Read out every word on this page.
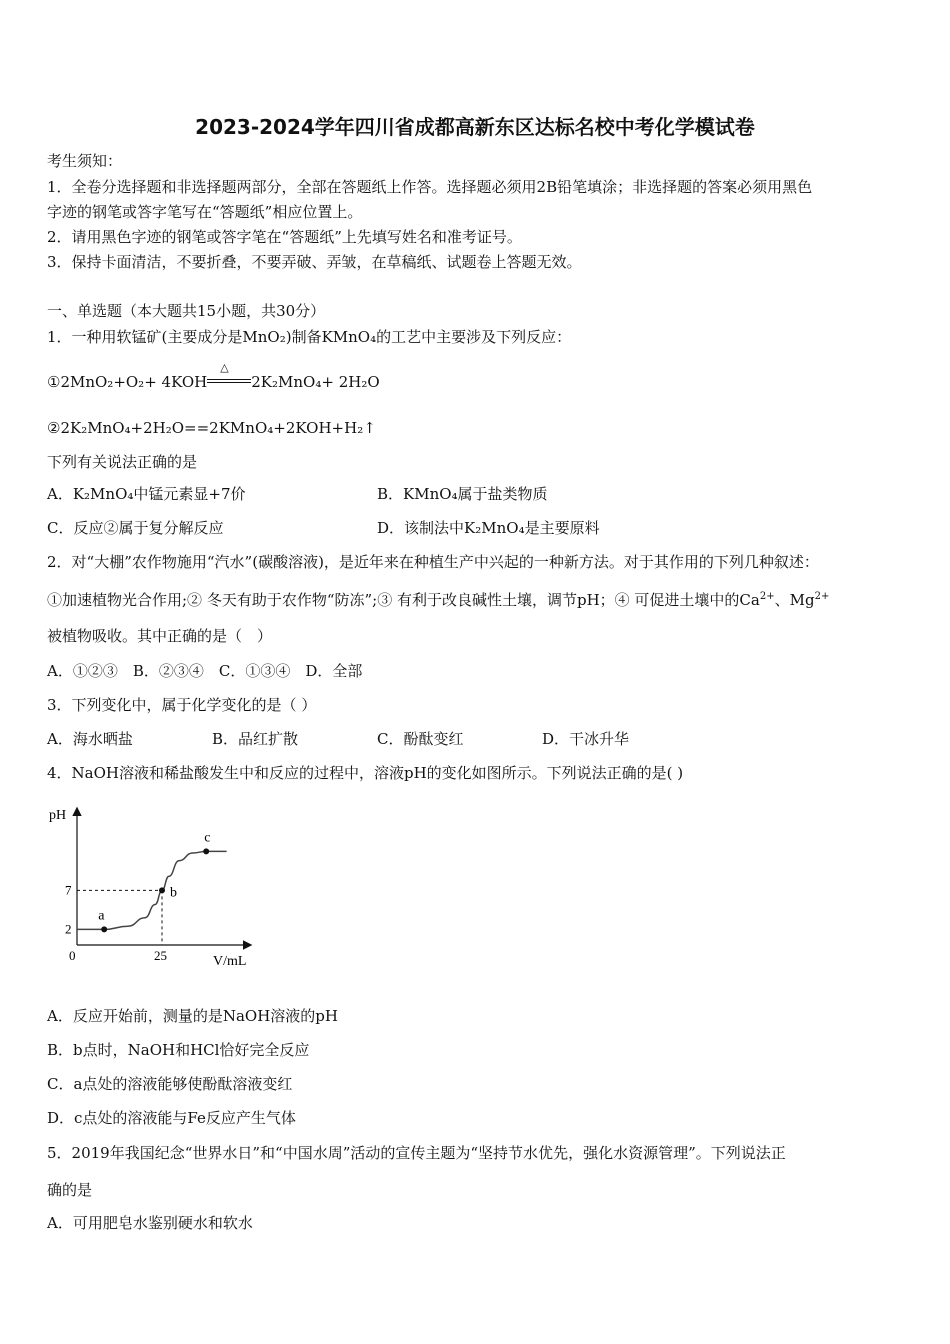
2023-2024学年四川省成都高新东区达标名校中考化学模试卷
考生须知：
1．全卷分选择题和非选择题两部分，全部在答题纸上作答。选择题必须用2B铅笔填涂；非选择题的答案必须用黑色
字迹的钢笔或答字笔写在“答题纸”相应位置上。
2．请用黑色字迹的钢笔或答字笔在“答题纸”上先填写姓名和准考证号。
3．保持卡面清洁，不要折叠，不要弄破、弄皱，在草稿纸、试题卷上答题无效。
一、单选题（本大题共15小题，共30分）
1．一种用软锰矿(主要成分是MnO₂)制备KMnO₄的工艺中主要涉及下列反应：
①2MnO₂+O₂+ 4KOH
△
2K₂MnO₄+ 2H₂O
②2K₂MnO₄+2H₂O==2KMnO₄+2KOH+H₂↑
下列有关说法正确的是
A．K₂MnO₄中锰元素显+7价	B．KMnO₄属于盐类物质
C．反应②属于复分解反应	D．该制法中K₂MnO₄是主要原料
2．对“大棚”农作物施用“汽水”(碳酸溶液)，是近年来在种植生产中兴起的一种新方法。对于其作用的下列几种叙述：
①加速植物光合作用;② 冬天有助于农作物“防冻”;③ 有利于改良碱性土壤，调节pH；④ 可促进土壤中的$Ca^{2+}$、$Mg^{2+}$
被植物吸收。其中正确的是（　）
A．①②③　B．②③④　C．①③④　D．全部
3．下列变化中，属于化学变化的是（ ）
A．海水晒盐	B．品红扩散	C．酚酞变红	D．干冰升华
4．NaOH溶液和稀盐酸发生中和反应的过程中，溶液pH的变化如图所示。下列说法正确的是( )
pH
V/mL
0	25
2
7
a
b
c
A．反应开始前，测量的是NaOH溶液的pH
B．b点时，NaOH和HCl恰好完全反应
C．a点处的溶液能够使酚酞溶液变红
D．c点处的溶液能与Fe反应产生气体
5．2019年我国纪念“世界水日”和“中国水周”活动的宣传主题为“坚持节水优先，强化水资源管理”。下列说法正
确的是
A．可用肥皂水鉴别硬水和软水
